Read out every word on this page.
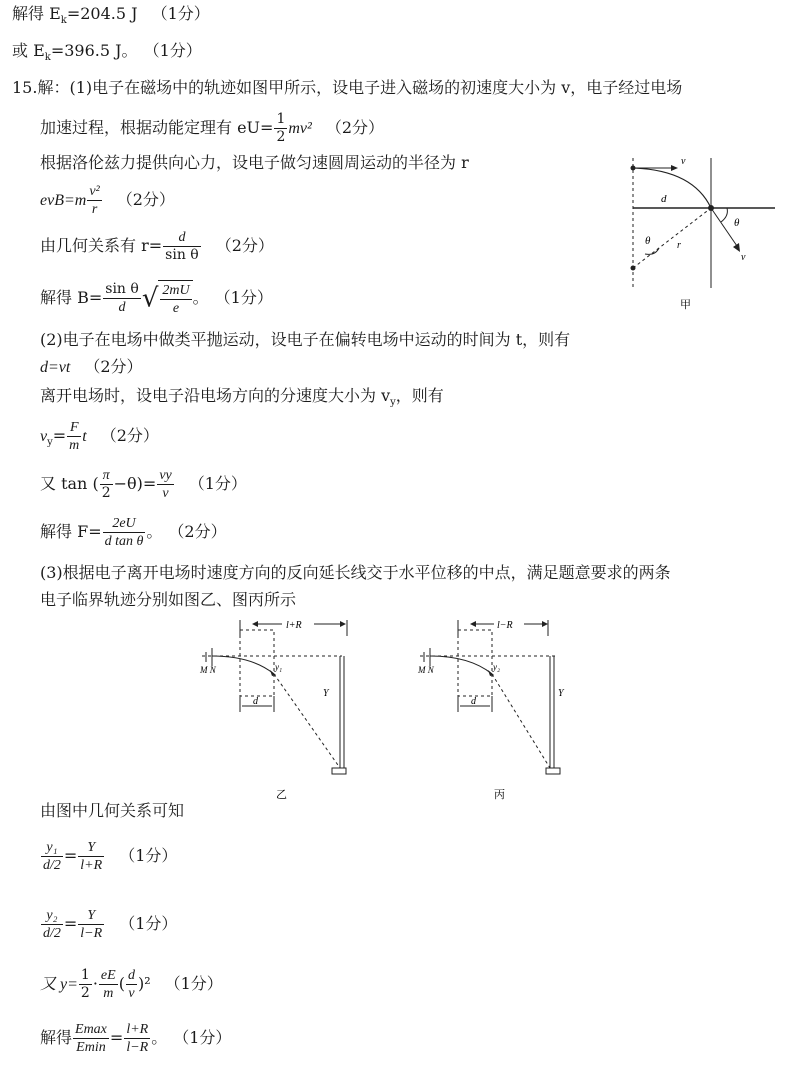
解得 $E_k=204.5$ J （1分）
或 $E_k=396.5$ J。 （1分）
15.解：(1)电子在磁场中的轨迹如图甲所示，设电子进入磁场的初速度大小为 v，电子经过电场
加速过程，根据动能定理有 $eU= \frac{1}{2} mv^2$ （2分）
根据洛伦兹力提供向心力，设电子做匀速圆周运动的半径为 r
$evB=m \frac{\text{v²}}{r} (2$分）
由几何关系有 $r= \frac{d}{\text{sin θ}} (2$分）
解得 $B= \frac{\text{sin θ}}{d}$ √ $\frac{2mU}{e}$ 。 （1分）
(2)电子在电场中做类平抛运动，设电子在偏转电场中运动的时间为 t，则有
d=vt （2分）
离开电场时，设电子沿电场方向的分速度大小为 $v_y$，则有
$v_y= \frac{F}{m}$ t （2分）
又 tan ( $\frac{\pi}{2} -\theta)= \frac{vy}{v} (1$分）
解得 $F= \frac{2eU}{\text{d tan θ}}$ 。 （2分）
(3)根据电子离开电场时速度方向的反向延长线交于水平位移的中点，满足题意要求的两条
电子临界轨迹分别如图乙、图丙所示
由图中几何关系可知
$\frac{\text{y₁}}{d/2} = \frac{Y}{l+R} (1$分）
$\frac{\text{y₂}}{d/2} = \frac{Y}{l-R} (1$分）
又 $y= \frac{1}{2} \cdot \frac{eE}{m}$ ( $\frac{d}{v} )^2$ （1分）
解得 $\frac{Emax}{Emin} = \frac{l+R}{l-R}$ 。 （1分）
v
d
θ
θ	r
v
甲
l+R
M N	y₁
Y
d
乙
l−R
M N	y₂
Y
d
丙
